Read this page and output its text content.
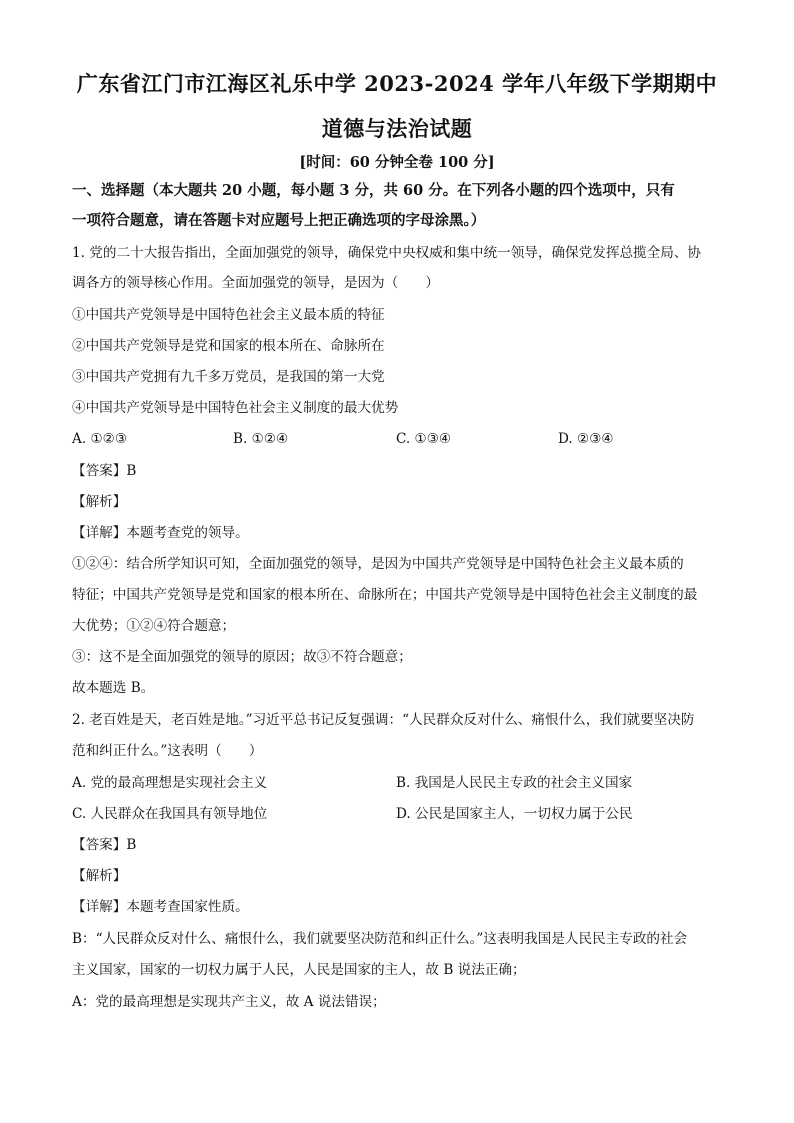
广东省江门市江海区礼乐中学 2023-2024 学年八年级下学期期中
道德与法治试题
[时间：60 分钟全卷 100 分]
一、选择题（本大题共 20 小题，每小题 3 分，共 60 分。在下列各小题的四个选项中，只有
一项符合题意，请在答题卡对应题号上把正确选项的字母涂黑。）
1. 党的二十大报告指出，全面加强党的领导，确保党中央权威和集中统一领导，确保党发挥总揽全局、协
调各方的领导核心作用。全面加强党的领导，是因为（　　）
①中国共产党领导是中国特色社会主义最本质的特征
②中国共产党领导是党和国家的根本所在、命脉所在
③中国共产党拥有九千多万党员，是我国的第一大党
④中国共产党领导是中国特色社会主义制度的最大优势
A. ①②③	B. ①②④	C. ①③④	D. ②③④
【答案】B
【解析】
【详解】本题考查党的领导。
①②④：结合所学知识可知，全面加强党的领导，是因为中国共产党领导是中国特色社会主义最本质的
特征；中国共产党领导是党和国家的根本所在、命脉所在；中国共产党领导是中国特色社会主义制度的最
大优势；①②④符合题意；
③：这不是全面加强党的领导的原因；故③不符合题意；
故本题选 B。
2. 老百姓是天，老百姓是地。”习近平总书记反复强调：“人民群众反对什么、痛恨什么，我们就要坚决防
范和纠正什么。”这表明（　　）
A. 党的最高理想是实现社会主义	B. 我国是人民民主专政的社会主义国家
C. 人民群众在我国具有领导地位	D. 公民是国家主人，一切权力属于公民
【答案】B
【解析】
【详解】本题考查国家性质。
B：“人民群众反对什么、痛恨什么，我们就要坚决防范和纠正什么。”这表明我国是人民民主专政的社会
主义国家，国家的一切权力属于人民，人民是国家的主人，故 B 说法正确；
A：党的最高理想是实现共产主义，故 A 说法错误；
